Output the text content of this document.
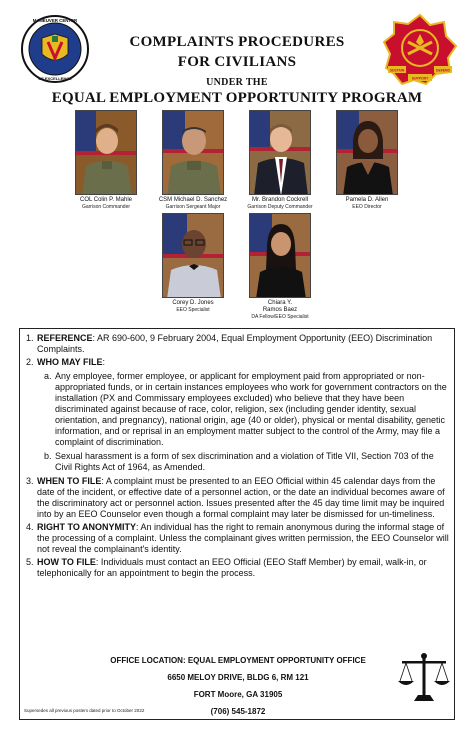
MANEUVER CENTER
OF EXCELLENCE
SUSTAIN
SUPPORT
DEFEND
COMPLAINTS PROCEDURES
FOR CIVILIANS
UNDER THE
EQUAL EMPLOYMENT OPPORTUNITY PROGRAM
COL Colin P. Mahle
Garrison Commander
CSM Michael D. Sanchez
Garrison Sergeant Major
Mr. Brandon Cockrell
Garrison Deputy Commander
Pamela D. Allen
EEO Director
Corey D. Jones
EEO Specialist
Chiara Y.
Ramos Baez
DA Fellow/EEO Specialist
1. REFERENCE: AR 690-600, 9 February 2004, Equal Employment Opportunity (EEO) Discrimination Complaints.
2. WHO MAY FILE:
a. Any employee, former employee, or applicant for employment paid from appropriated or non- appropriated funds, or in certain instances employees who work for government contractors on the installation (PX and Commissary employees excluded) who believe that they have been discriminated against because of race, color, religion, sex (including gender identity, sexual orientation, and pregnancy), national origin, age (40 or older), physical or mental disability, genetic information, and or reprisal in an employment matter subject to the control of the Army, may file a complaint of discrimination.
b. Sexual harassment is a form of sex discrimination and a violation of Title VII, Section 703 of the Civil Rights Act of 1964, as Amended.
3. WHEN TO FILE: A complaint must be presented to an EEO Official within 45 calendar days from the date of the incident, or effective date of a personnel action, or the date an individual becomes aware of the discriminatory act or personnel action. Issues presented after the 45 day time limit may be inquired into by an EEO Counselor even though a formal complaint may later be dismissed for un-timeliness.
4. RIGHT TO ANONYMITY: An individual has the right to remain anonymous during the informal stage of the processing of a complaint. Unless the complainant gives written permission, the EEO Counselor will not reveal the complainant's identity.
5. HOW TO FILE: Individuals must contact an EEO Official (EEO Staff Member) by email, walk-in, or telephonically for an appointment to begin the process.
OFFICE LOCATION: EQUAL EMPLOYMENT OPPORTUNITY OFFICE
6650 MELOY DRIVE, BLDG 6, RM 121
FORT Moore, GA 31905
(706) 545-1872
Supersedes all previous posters dated prior to October 2022
